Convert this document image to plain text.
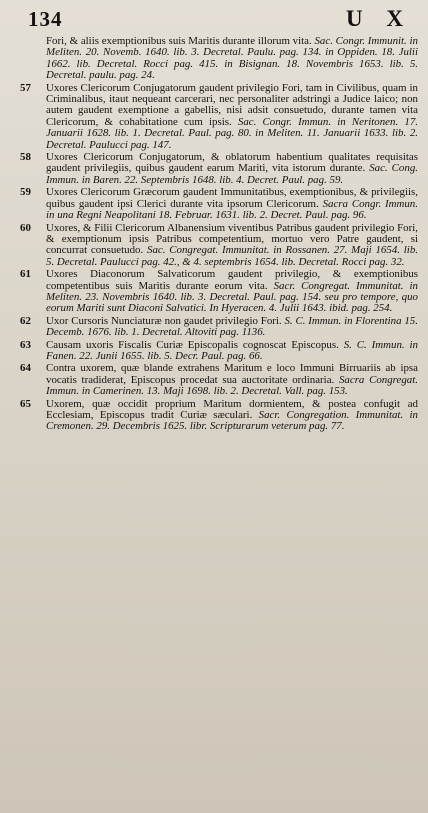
134	U X

Fori, & aliis exemptionibus suis Maritis durante illorum vita. Sac. Congr. Immunit. in Meliten. 20. Novemb. 1640. lib. 3. Decretal. Paulu. pag. 134. in Oppiden. 18. Julii 1662. lib. Decretal. Rocci pag. 415. in Bisignan. 18. Novembris 1653. lib. 5. Decretal. paulu. pag. 24.

57	Uxores Clericorum Conjugatorum gaudent privilegio Fori, tam in Civilibus, quam in Criminalibus, itaut nequeant carcerari, nec personaliter adstringi a Judice laico; non autem gaudent exemptione a gabellis, nisi adsit consuetudo, durante tamen vita Clericorum, & cohabitatione cum ipsis. Sac. Congr. Immun. in Neritonen. 17. Januarii 1628. lib. 1. Decretal. Paul. pag. 80. in Meliten. 11. Januarii 1633. lib. 2. Decretal. Paulucci pag. 147.
58	Uxores Clericorum Conjugatorum, & oblatorum habentium qualitates requisitas gaudent privilegiis, quibus gaudent earum Mariti, vita istorum durante. Sac. Cong. Immun. in Baren. 22. Septembris 1648. lib. 4. Decret. Paul. pag. 59.
59	Uxores Clericorum Græcorum gaudent Immunitatibus, exemptionibus, & privilegiis, quibus gaudent ipsi Clerici durante vita ipsorum Clericorum. Sacra Congr. Immun. in una Regni Neapolitani 18. Februar. 1631. lib. 2. Decret. Paul. pag. 96.
60	Uxores, & Filii Clericorum Albanensium viventibus Patribus gaudent privilegio Fori, & exemptionum ipsis Patribus competentium, mortuo vero Patre gaudent, si concurrat consuetudo. Sac. Congregat. Immunitat. in Rossanen. 27. Maji 1654. lib. 5. Decretal. Paulucci pag. 42., & 4. septembris 1654. lib. Decretal. Rocci pag. 32.
61	Uxores Diaconorum Salvaticorum gaudent privilegio, & exemptionibus competentibus suis Maritis durante eorum vita. Sacr. Congregat. Immunitat. in Meliten. 23. Novembris 1640. lib. 3. Decretal. Paul. pag. 154. seu pro tempore, quo eorum Mariti sunt Diaconi Salvatici. In Hyeracen. 4. Julii 1643. ibid. pag. 254.
62	Uxor Cursoris Nunciaturæ non gaudet privilegio Fori. S. C. Immun. in Florentina 15. Decemb. 1676. lib. 1. Decretal. Altoviti pag. 1136.
63	Causam uxoris Fiscalis Curiæ Episcopalis cognoscat Episcopus. S. C. Immun. in Fanen. 22. Junii 1655. lib. 5. Decr. Paul. pag. 66.
64	Contra uxorem, quæ blande extrahens Maritum e loco Immuni Birruariis ab ipsa vocatis tradiderat, Episcopus procedat sua auctoritate ordinaria. Sacra Congregat. Immun. in Camerinen. 13. Maji 1698. lib. 2. Decretal. Vall. pag. 153.
65	Uxorem, quæ occidit proprium Maritum dormientem, & postea confugit ad Ecclesiam, Episcopus tradit Curiæ sæculari. Sacr. Congregation. Immunitat. in Cremonen. 29. Decembris 1625. libr. Scripturarum veterum pag. 77.
